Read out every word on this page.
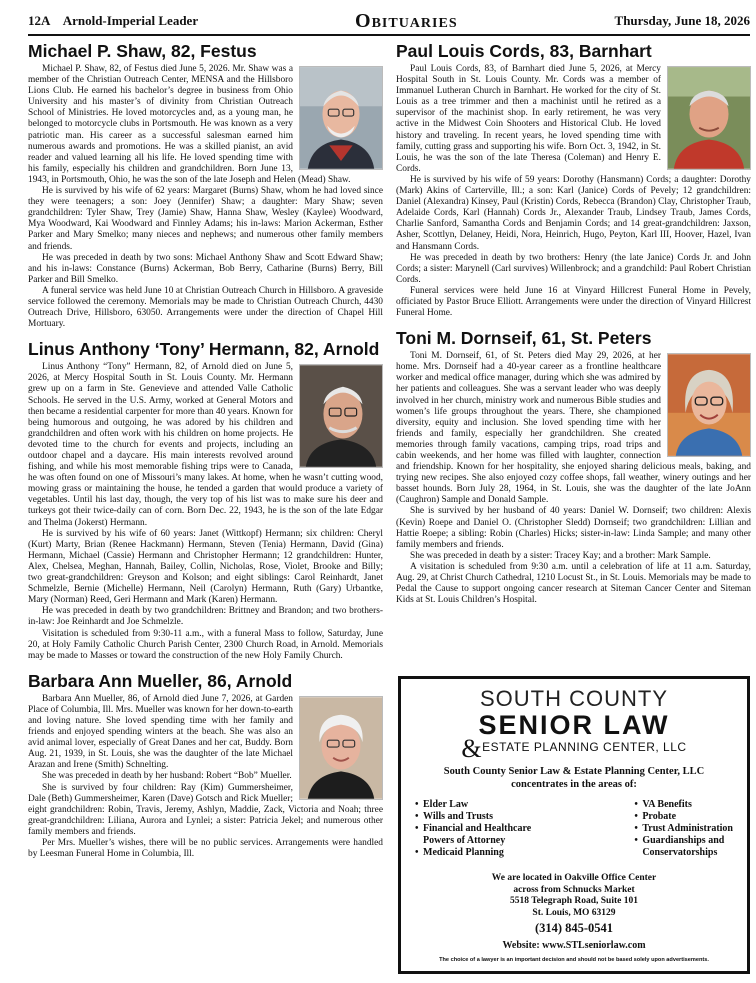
12A Arnold-Imperial Leader	Obituaries	Thursday, June 18, 2026
Michael P. Shaw, 82, Festus

Michael P. Shaw, 82, of Festus died June 5, 2026. Mr. Shaw was a member of the Christian Outreach Center, MENSA and the Hillsboro Lions Club. He earned his bachelor’s degree in business from Ohio University and his master’s of divinity from Christian Outreach School of Ministries. He loved motorcycles and, as a young man, he belonged to motorcycle clubs in Portsmouth. He was known as a very patriotic man. His career as a successful salesman earned him numerous awards and promotions. He was a skilled pianist, an avid reader and valued learning all his life. He loved spending time with his family, especially his children and grandchildren. Born June 13, 1943, in Portsmouth, Ohio, he was the son of the late Joseph and Helen (Mead) Shaw.

He is survived by his wife of 62 years: Margaret (Burns) Shaw, whom he had loved since they were teenagers; a son: Joey (Jennifer) Shaw; a daughter: Mary Shaw; seven grandchildren: Tyler Shaw, Trey (Jamie) Shaw, Hanna Shaw, Wesley (Kaylee) Woodward, Mya Woodward, Kai Woodward and Finnley Adams; his in-laws: Marion Ackerman, Esther Parker and Mary Smelko; many nieces and nephews; and numerous other family members and friends.

He was preceded in death by two sons: Michael Anthony Shaw and Scott Edward Shaw; and his in-laws: Constance (Burns) Ackerman, Bob Berry, Catharine (Burns) Berry, Bill Parker and Bill Smelko.

A funeral service was held June 10 at Christian Outreach Church in Hillsboro. A graveside service followed the ceremony. Memorials may be made to Christian Outreach Church, 4430 Outreach Drive, Hillsboro, 63050. Arrangements were under the direction of Chapel Hill Mortuary.

Linus Anthony ‘Tony’ Hermann, 82, Arnold

Linus Anthony “Tony” Hermann, 82, of Arnold died on June 5, 2026, at Mercy Hospital South in St. Louis County. Mr. Hermann grew up on a farm in Ste. Genevieve and attended Valle Catholic Schools. He served in the U.S. Army, worked at General Motors and then became a residential carpenter for more than 40 years. Known for being humorous and outgoing, he was adored by his children and grandchildren and often work with his children on home projects. He devoted time to the church for events and projects, including an outdoor chapel and a daycare. His main interests revolved around fishing, and while his most memorable fishing trips were to Canada, he was often found on one of Missouri’s many lakes. At home, when he wasn’t cutting wood, mowing grass or maintaining the house, he tended a garden that would produce a variety of vegetables. Until his last day, though, the very top of his list was to make sure his deer and turkeys got their twice-daily can of corn. Born Dec. 22, 1943, he is the son of the late Edgar and Thelma (Jokerst) Hermann.

He is survived by his wife of 60 years: Janet (Wittkopf) Hermann; six children: Cheryl (Kurt) Marty, Brian (Renee Hackmann) Hermann, Steven (Tenia) Hermann, David (Gina) Hermann, Michael (Cassie) Hermann and Christopher Hermann; 12 grandchildren: Hunter, Alex, Chelsea, Meghan, Hannah, Bailey, Collin, Nicholas, Rose, Violet, Brooke and Billy; two great-grandchildren: Greyson and Kolson; and eight siblings: Carol Reinhardt, Janet Schmelzle, Bernie (Michelle) Hermann, Neil (Carolyn) Hermann, Ruth (Gary) Urbantke, Mary (Norman) Reed, Geri Hermann and Mark (Karen) Hermann.

He was preceded in death by two grandchildren: Brittney and Brandon; and two brothers-in-law: Joe Reinhardt and Joe Schmelzle.

Visitation is scheduled from 9:30-11 a.m., with a funeral Mass to follow, Saturday, June 20, at Holy Family Catholic Church Parish Center, 2300 Church Road, in Arnold. Memorials may be made to Masses or toward the construction of the new Holy Family Church.

Barbara Ann Mueller, 86, Arnold

Barbara Ann Mueller, 86, of Arnold died June 7, 2026, at Garden Place of Columbia, Ill. Mrs. Mueller was known for her down-to-earth and loving nature. She loved spending time with her family and friends and enjoyed spending winters at the beach. She was also an avid animal lover, especially of Great Danes and her cat, Buddy. Born Aug. 21, 1939, in St. Louis, she was the daughter of the late Michael Arazan and Irene (Smith) Schnelting.

She was preceded in death by her husband: Robert “Bob” Mueller.

She is survived by four children: Ray (Kim) Gummersheimer, Dale (Beth) Gummersheimer, Karen (Dave) Gotsch and Rick Mueller; eight grandchildren: Robin, Travis, Jeremy, Ashlyn, Maddie, Zack, Victoria and Noah; three great-grandchildren: Liliana, Aurora and Lynlei; a sister: Patricia Jekel; and numerous other family members and friends.

Per Mrs. Mueller’s wishes, there will be no public services. Arrangements were handled by Leesman Funeral Home in Columbia, Ill.

Paul Louis Cords, 83, Barnhart

Paul Louis Cords, 83, of Barnhart died June 5, 2026, at Mercy Hospital South in St. Louis County. Mr. Cords was a member of Immanuel Lutheran Church in Barnhart. He worked for the city of St. Louis as a tree trimmer and then a machinist until he retired as a supervisor of the machinist shop. In early retirement, he was very active in the Midwest Coin Shooters and Historical Club. He loved history and traveling. In recent years, he loved spending time with family, cutting grass and supporting his wife. Born Oct. 3, 1942, in St. Louis, he was the son of the late Theresa (Coleman) and Henry E. Cords.

He is survived by his wife of 59 years: Dorothy (Hansmann) Cords; a daughter: Dorothy (Mark) Akins of Carterville, Ill.; a son: Karl (Janice) Cords of Pevely; 12 grandchildren: Daniel (Alexandra) Kinsey, Paul (Kristin) Cords, Rebecca (Brandon) Clay, Christopher Traub, Adelaide Cords, Karl (Hannah) Cords Jr., Alexander Traub, Lindsey Traub, James Cords, Charlie Sanford, Samantha Cords and Benjamin Cords; and 14 great-grandchildren: Jaxson, Asher, Scottlyn, Delaney, Heidi, Nora, Heinrich, Hugo, Peyton, Karl III, Hoover, Hazel, Ivan and Hansmann Cords.

He was preceded in death by two brothers: Henry (the late Janice) Cords Jr. and John Cords; a sister: Marynell (Carl survives) Willenbrock; and a grandchild: Paul Robert Christian Cords.

Funeral services were held June 16 at Vinyard Hillcrest Funeral Home in Pevely, officiated by Pastor Bruce Elliott. Arrangements were under the direction of Vinyard Hillcrest Funeral Home.

Toni M. Dornseif, 61, St. Peters

Toni M. Dornseif, 61, of St. Peters died May 29, 2026, at her home. Mrs. Dornseif had a 40-year career as a frontline healthcare worker and medical office manager, during which she was admired by her patients and colleagues. She was a servant leader who was deeply involved in her church, ministry work and numerous Bible studies and women’s life groups throughout the years. There, she championed diversity, equity and inclusion. She loved spending time with her friends and family, especially her grandchildren. She created memories through family vacations, camping trips, road trips and cabin weekends, and her home was filled with laughter, connection and friendship. Known for her hospitality, she enjoyed sharing delicious meals, baking, and trying new recipes. She also enjoyed cozy coffee shops, fall weather, winery outings and her basset hounds. Born July 28, 1964, in St. Louis, she was the daughter of the late JoAnn (Caughron) Sample and Donald Sample.

She is survived by her husband of 40 years: Daniel W. Dornseif; two children: Alexis (Kevin) Roepe and Daniel O. (Christopher Sledd) Dornseif; two grandchildren: Lillian and Hattie Roepe; a sibling: Robin (Charles) Hicks; sister-in-law: Linda Sample; and many other family members and friends.

She was preceded in death by a sister: Tracey Kay; and a brother: Mark Sample.

A visitation is scheduled from 9:30 a.m. until a celebration of life at 11 a.m. Saturday, Aug. 29, at Christ Church Cathedral, 1210 Locust St., in St. Louis. Memorials may be made to Pedal the Cause to support ongoing cancer research at Siteman Cancer Center and Siteman Kids at St. Louis Children’s Hospital.

SOUTH COUNTY
SENIOR LAW
&ESTATE PLANNING CENTER, LLC
South County Senior Law & Estate Planning Center, LLC
concentrates in the areas of:
• Elder Law
• Wills and Trusts
• Financial and Healthcare
Powers of Attorney
• Medicaid Planning
• VA Benefits
• Probate
• Trust Administration
• Guardianships and
Conservatorships
We are located in Oakville Office Center
across from Schnucks Market
5518 Telegraph Road, Suite 101
St. Louis, MO 63129
(314) 845-0541
Website: www.STLseniorlaw.com
The choice of a lawyer is an important decision and should not be based solely upon advertisements.
